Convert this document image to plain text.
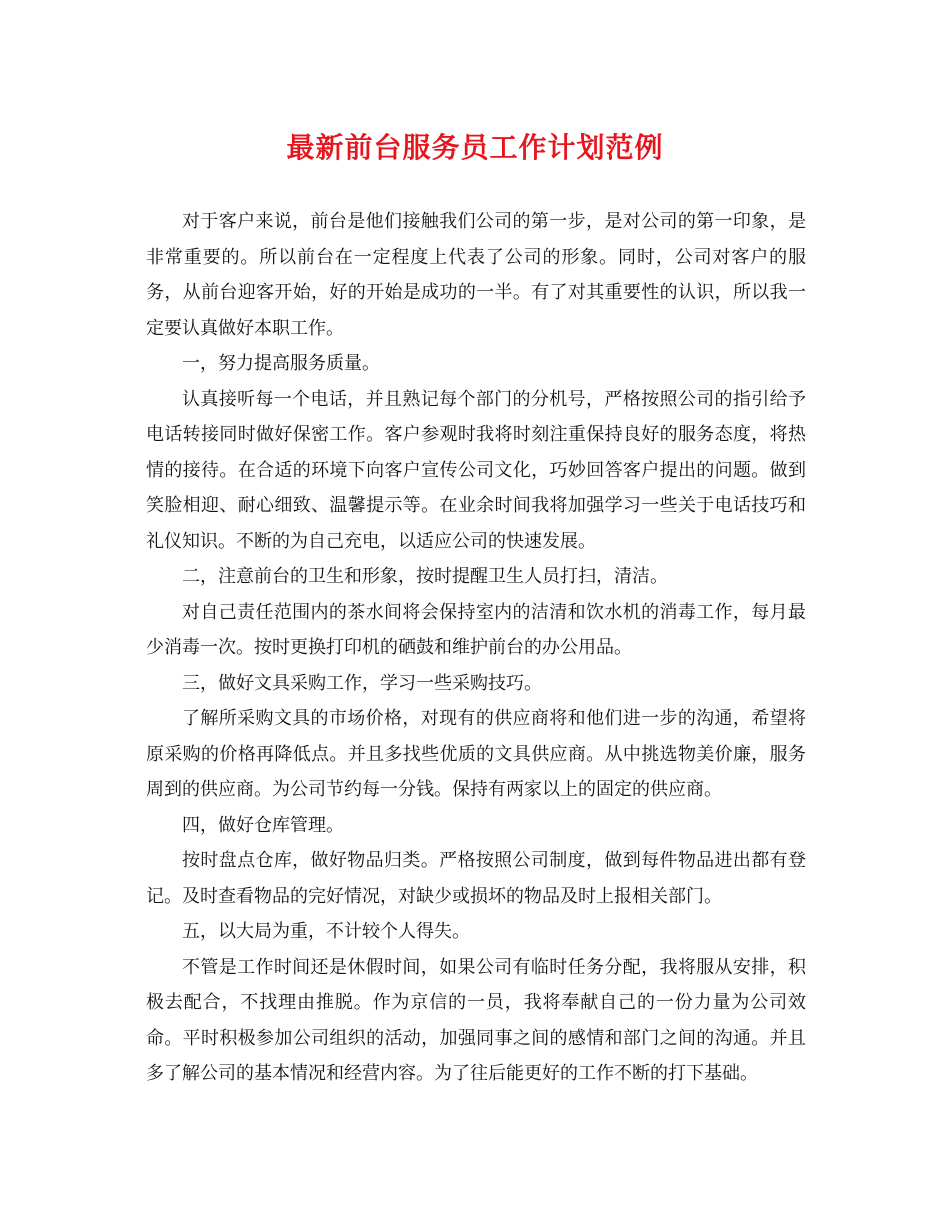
最新前台服务员工作计划范例

对于客户来说，前台是他们接触我们公司的第一步，是对公司的第一印象，是非常重要的。所以前台在一定程度上代表了公司的形象。同时，公司对客户的服务，从前台迎客开始，好的开始是成功的一半。有了对其重要性的认识，所以我一定要认真做好本职工作。

一，努力提高服务质量。

认真接听每一个电话，并且熟记每个部门的分机号，严格按照公司的指引给予电话转接同时做好保密工作。客户参观时我将时刻注重保持良好的服务态度，将热情的接待。在合适的环境下向客户宣传公司文化，巧妙回答客户提出的问题。做到笑脸相迎、耐心细致、温馨提示等。在业余时间我将加强学习一些关于电话技巧和礼仪知识。不断的为自己充电，以适应公司的快速发展。

二，注意前台的卫生和形象，按时提醒卫生人员打扫，清洁。

对自己责任范围内的茶水间将会保持室内的洁清和饮水机的消毒工作，每月最少消毒一次。按时更换打印机的硒鼓和维护前台的办公用品。

三，做好文具采购工作，学习一些采购技巧。

了解所采购文具的市场价格，对现有的供应商将和他们进一步的沟通，希望将原采购的价格再降低点。并且多找些优质的文具供应商。从中挑选物美价廉，服务周到的供应商。为公司节约每一分钱。保持有两家以上的固定的供应商。

四，做好仓库管理。

按时盘点仓库，做好物品归类。严格按照公司制度，做到每件物品进出都有登记。及时查看物品的完好情况，对缺少或损坏的物品及时上报相关部门。

五，以大局为重，不计较个人得失。

不管是工作时间还是休假时间，如果公司有临时任务分配，我将服从安排，积极去配合，不找理由推脱。作为京信的一员，我将奉献自己的一份力量为公司效命。平时积极参加公司组织的活动，加强同事之间的感情和部门之间的沟通。并且多了解公司的基本情况和经营内容。为了往后能更好的工作不断的打下基础。
